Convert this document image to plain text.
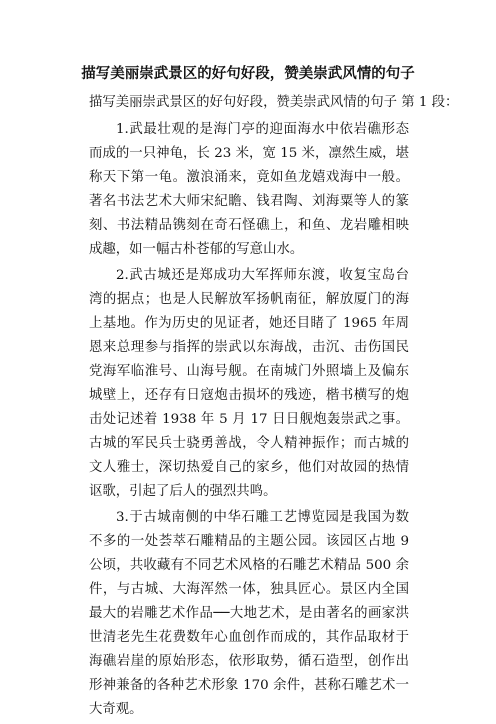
描写美丽崇武景区的好句好段，赞美崇武风情的句子
描写美丽崇武景区的好句好段，赞美崇武风情的句子 第 1 段：

1.武最壮观的是海门亭的迎面海水中依岩礁形态而成的一只神龟，长 23 米，宽 15 米，凛然生威，堪称天下第一龟。激浪涌来，竟如鱼龙嬉戏海中一般。著名书法艺术大师宋紀瞻、钱君陶、刘海粟等人的篆刻、书法精品镌刻在奇石怪礁上，和鱼、龙岩雕相映成趣，如一幅古朴苍郁的写意山水。

2.武古城还是郑成功大军挥师东渡，收复宝岛台湾的据点；也是人民解放军扬帆南征，解放厦门的海上基地。作为历史的见证者，她还目睹了 1965 年周恩来总理参与指挥的崇武以东海战，击沉、击伤国民党海军临淮号、山海号舰。在南城门外照墙上及偏东城壁上，还存有日寇炮击损坏的残迹，楷书横写的炮击处记述着 1938 年 5 月 17 日日舰炮轰崇武之事。古城的军民兵士骁勇善战，令人精神振作；而古城的文人雅士，深切热爱自己的家乡，他们对故园的热情讴歌，引起了后人的强烈共鸣。

3.于古城南侧的中华石雕工艺博览园是我国为数不多的一处荟萃石雕精品的主题公园。该园区占地 9 公顷，共收藏有不同艺术风格的石雕艺术精品 500 余件，与古城、大海浑然一体，独具匠心。景区内全国最大的岩雕艺术作品──大地艺术，是由著名的画家洪世清老先生花费数年心血创作而成的，其作品取材于海礁岩崖的原始形态，依形取势，循石造型，创作出形神兼备的各种艺术形象 170 余件，甚称石雕艺术一大奇观。
